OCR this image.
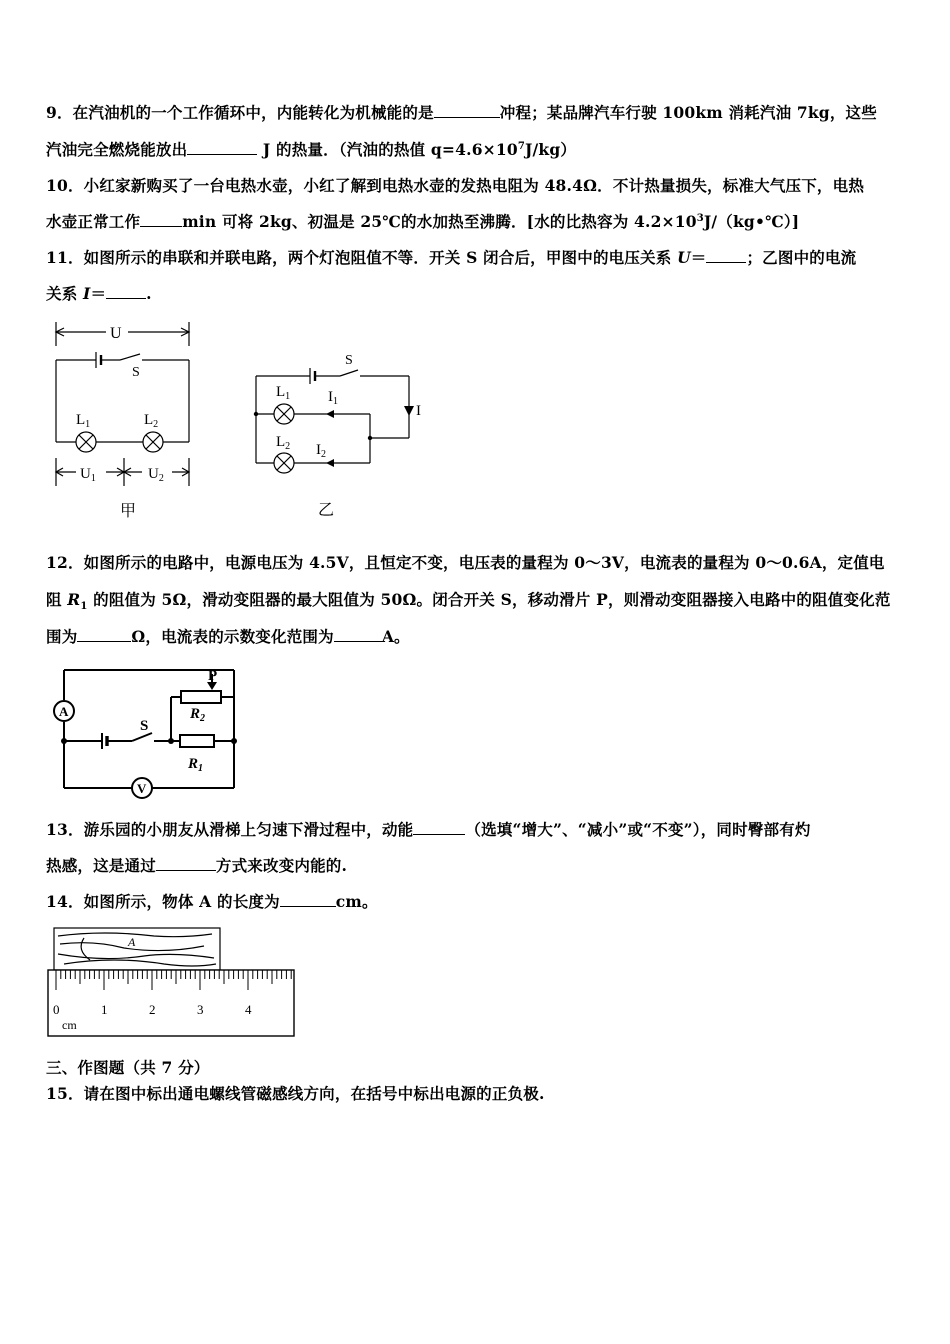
9．在汽油机的一个工作循环中，内能转化为机械能的是	冲程；某品牌汽车行驶 100km 消耗汽油 7kg，这些
汽油完全燃烧能放出	J 的热量．（汽油的热值 $q=4.6\times 10^7J/kg$）
10．小红家新购买了一台电热水壶，小红了解到电热水壶的发热电阻为 48.4Ω．不计热量损失，标准大气压下，电热
水壶正常工作	min 可将 2kg、初温是 25℃的水加热至沸腾．[水的比热容为 $4.2\times 10^3J/(kg•℃)$]
11．如图所示的串联和并联电路，两个灯泡阻值不等．开关 S 闭合后，甲图中的电压关系 U＝	；乙图中的电流
关系 I＝	.
U
S
$L_1$	$L_2$
$U_1$	$U_2$
甲
S
$L_1$	$I_1$
$L_2$ $I_2$
I
乙
12．如图所示的电路中，电源电压为 4.5V，且恒定不变，电压表的量程为 0～3V，电流表的量程为 0～0.6A，定值电
阻 $R_1$ 的阻值为 5Ω，滑动变阻器的最大阻值为 50Ω。闭合开关 S，移动滑片 P，则滑动变阻器接入电路中的阻值变化范
围为	Ω，电流表的示数变化范围为	A。
A
V
S
P
$R_2$
$R_1$
13．游乐园的小朋友从滑梯上匀速下滑过程中，动能	（选填“增大”、“减小”或“不变”），同时臀部有灼
热感，这是通过	方式来改变内能的.
14．如图所示，物体 A 的长度为	cm。
0	1	2	3	4
A
cm
三、作图题（共 7 分）
15．请在图中标出通电螺线管磁感线方向，在括号中标出电源的正负极.
